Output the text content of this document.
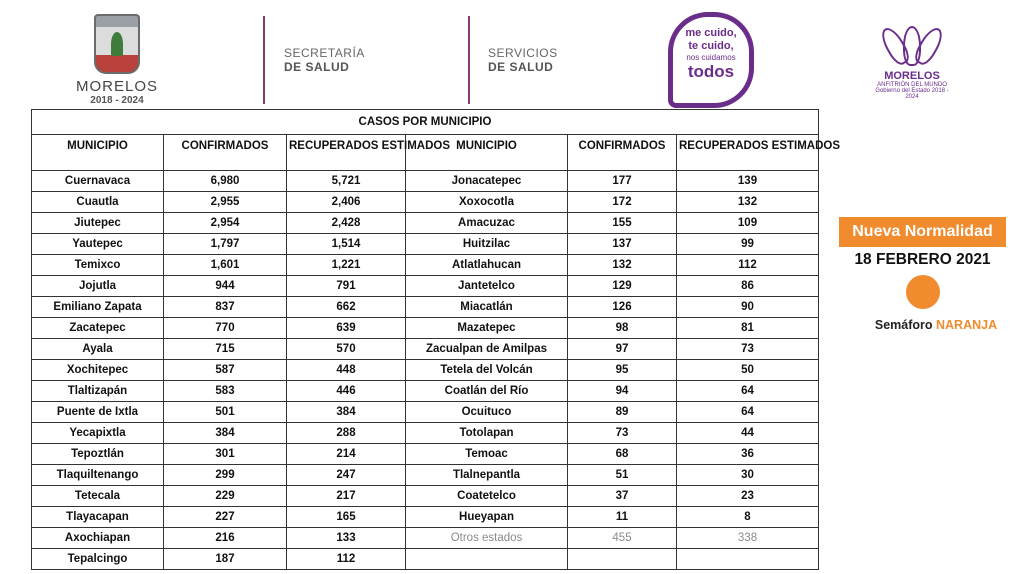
MORELOS
2018 - 2024
SECRETARÍA
DE SALUD
SERVICIOS
DE SALUD
me cuido,
te cuido,
nos cuidamos
todos	MORELOS
ANFITRIÓN DEL MUNDO
Gobierno del Estado 2018 - 2024
CASOS POR MUNICIPIO					
MUNICIPIO	CONFIRMADOS	RECUPERADOS ESTIMADOS	MUNICIPIO	CONFIRMADOS	RECUPERADOS ESTIMADOS
Cuernavaca	6,980	5,721	Jonacatepec	177	139
Cuautla	2,955	2,406	Xoxocotla	172	132
Jiutepec	2,954	2,428	Amacuzac	155	109
Yautepec	1,797	1,514	Huitzilac	137	99
Temixco	1,601	1,221	Atlatlahucan	132	112
Jojutla	944	791	Jantetelco	129	86
Emiliano Zapata	837	662	Miacatlán	126	90
Zacatepec	770	639	Mazatepec	98	81
Ayala	715	570	Zacualpan de Amilpas	97	73
Xochitepec	587	448	Tetela del Volcán	95	50
Tlaltizapán	583	446	Coatlán del Río	94	64
Puente de Ixtla	501	384	Ocuituco	89	64
Yecapixtla	384	288	Totolapan	73	44
Tepoztlán	301	214	Temoac	68	36
Tlaquiltenango	299	247	Tlalnepantla	51	30
Tetecala	229	217	Coatetelco	37	23
Tlayacapan	227	165	Hueyapan	11	8
Axochiapan	216	133	Otros estados	455	338
Tepalcingo	187	112			
Nueva Normalidad
18 FEBRERO 2021
Semáforo NARANJA
